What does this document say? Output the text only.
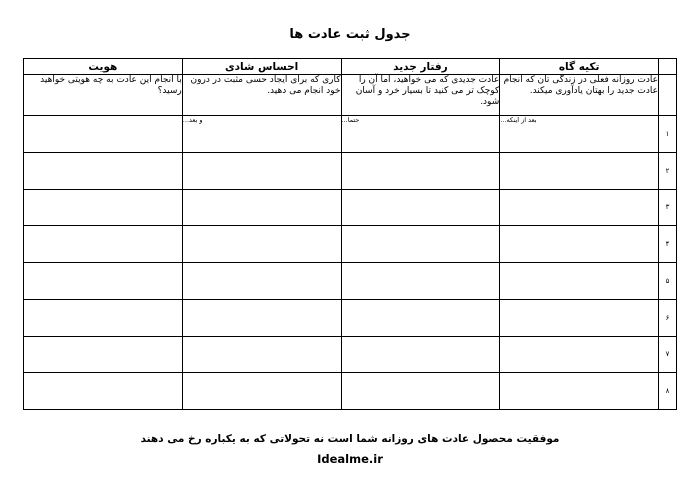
جدول ثبت عادت ها
	تکیه گاه	رفتار جدید	احساس شادی	هویت
	عادت روزانه فعلی در زندگی تان که انجام عادت جدید را بهتان یادآوری میکند.	عادت جدیدی که می خواهید، اما آن را کوچک تر می کنید تا بسیار خرد و آسان شود.	کاری که برای ایجاد حسی مثبت در درون خود انجام می دهید.	با انجام این عادت به چه هویتی خواهید رسید؟
۱	بعد از اینکه...	حتما...	و بعد...	
۲				
۳				
۴				
۵				
۶				
۷				
۸				
موفقیت محصول عادت های روزانه شما است نه تحولاتی که به یکباره رخ می دهند
Idealme.ir
